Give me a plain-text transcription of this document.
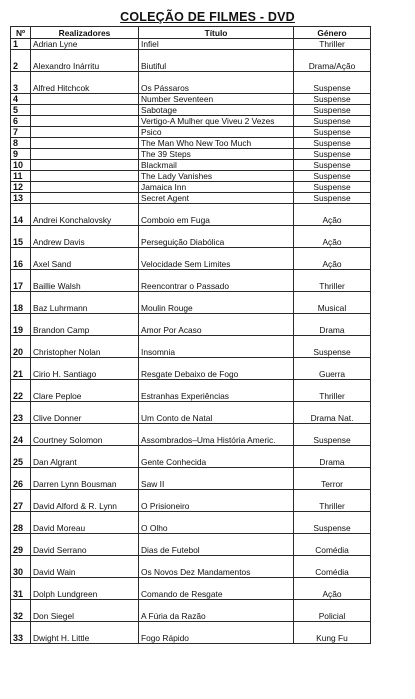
COLEÇÃO DE FILMES - DVD
Nº	Realizadores	Título	Género
1	Adrian Lyne	Infiel	Thriller
2	Alexandro Inárritu	Biutiful	Drama/Ação
3	Alfred Hitchcok	Os Pássaros	Suspense
4		Number Seventeen	Suspense
5		Sabotage	Suspense
6		Vertigo-A Mulher que Viveu 2 Vezes	Suspense
7		Psico	Suspense
8		The Man Who New Too Much	Suspense
9		The 39 Steps	Suspense
10		Blackmail	Suspense
11		The Lady Vanishes	Suspense
12		Jamaica Inn	Suspense
13		Secret Agent	Suspense
14	Andrei Konchalovsky	Comboio em Fuga	Ação
15	Andrew Davis	Perseguição Diabólica	Ação
16	Axel Sand	Velocidade Sem Limites	Ação
17	Baillie Walsh	Reencontrar o Passado	Thriller
18	Baz Luhrmann	Moulin Rouge	Musical
19	Brandon Camp	Amor Por Acaso	Drama
20	Christopher Nolan	Insomnia	Suspense
21	Cirio H. Santiago	Resgate Debaixo de Fogo	Guerra
22	Clare Peploe	Estranhas Experiências	Thriller
23	Clive Donner	Um Conto de Natal	Drama Nat.
24	Courtney Solomon	Assombrados–Uma História Americ.	Suspense
25	Dan Algrant	Gente Conhecida	Drama
26	Darren Lynn Bousman	Saw II	Terror
27	David Alford & R. Lynn	O Prisioneiro	Thriller
28	David Moreau	O Olho	Suspense
29	David Serrano	Dias de Futebol	Comédia
30	David Wain	Os Novos Dez Mandamentos	Comédia
31	Dolph Lundgreen	Comando de Resgate	Ação
32	Don Siegel	A Fúria da Razão	Policial
33	Dwight H. Little	Fogo Rápido	Kung Fu
